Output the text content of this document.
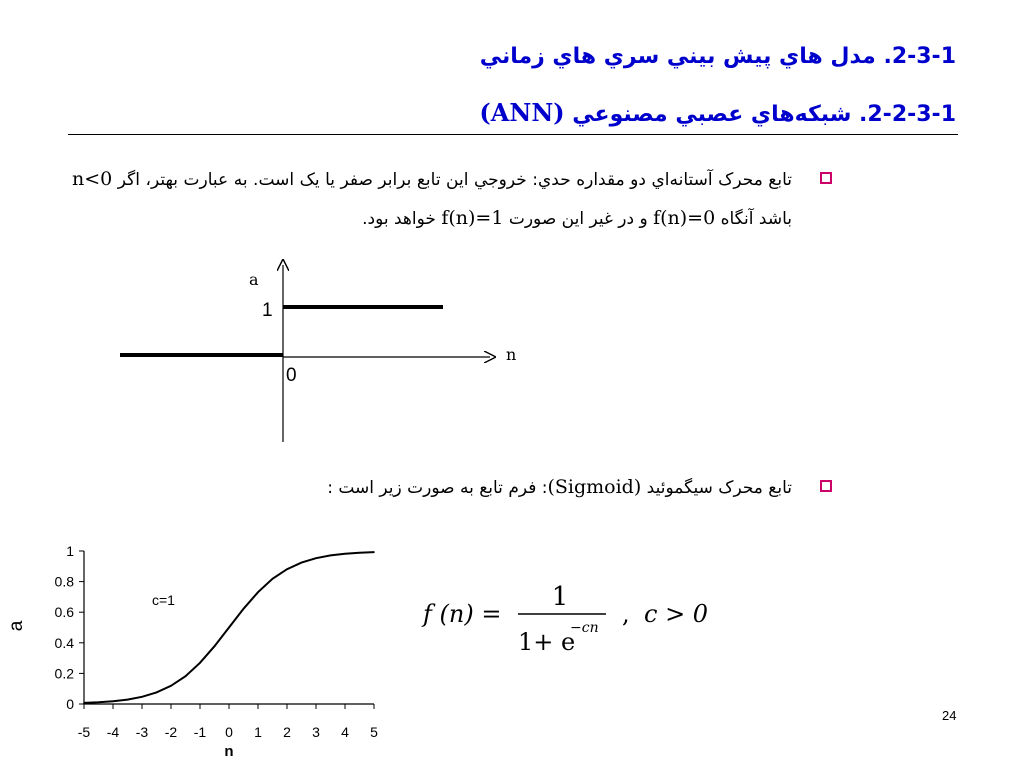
2-3-1. مدل هاي پيش بيني سري هاي زماني
2-2-3-1. شبکه‌هاي عصبي مصنوعي (ANN)
تابع محرک آستانه‌اي دو مقداره حدي: خروجي اين تابع برابر صفر يا يک است. به عبارت بهتر، اگر n<0 باشد آنگاه f(n)=0 و در غير اين صورت f(n)=1 خواهد بود.
a
n
1
0
تابع محرک سيگموئيد (Sigmoid): فرم تابع به صورت زير است :
0
0.2
0.4
0.6
0.8
1
-5 -4 -3 -2 -1 0 1 2 3 4 5
a
n
c=1	f (n) =
1
1+ e
−cn , c > 0
24
